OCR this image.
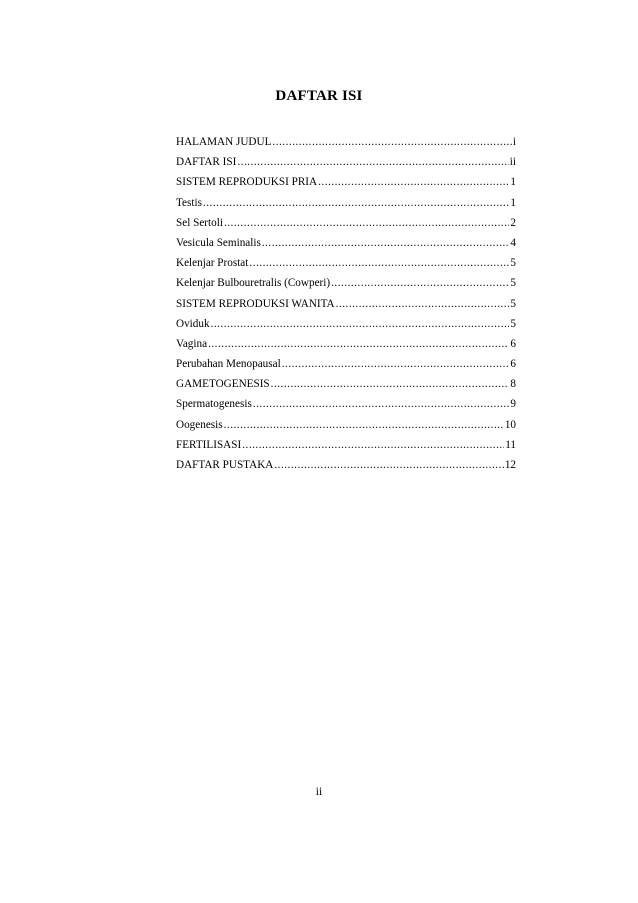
DAFTAR ISI
HALAMAN JUDUL .....	i
DAFTAR ISI .....	ii
SISTEM REPRODUKSI PRIA .....	1
Testis .....	1
Sel Sertoli .....	2
Vesicula Seminalis .....	4
Kelenjar Prostat .....	5
Kelenjar Bulbouretralis (Cowperi) .....	5
SISTEM REPRODUKSI WANITA .....	5
Oviduk .....	5
Vagina .....	6
Perubahan Menopausal .....	6
GAMETOGENESIS .....	8
Spermatogenesis .....	9
Oogenesis .....	10
FERTILISASI .....	11
DAFTAR PUSTAKA .....	12

ii
